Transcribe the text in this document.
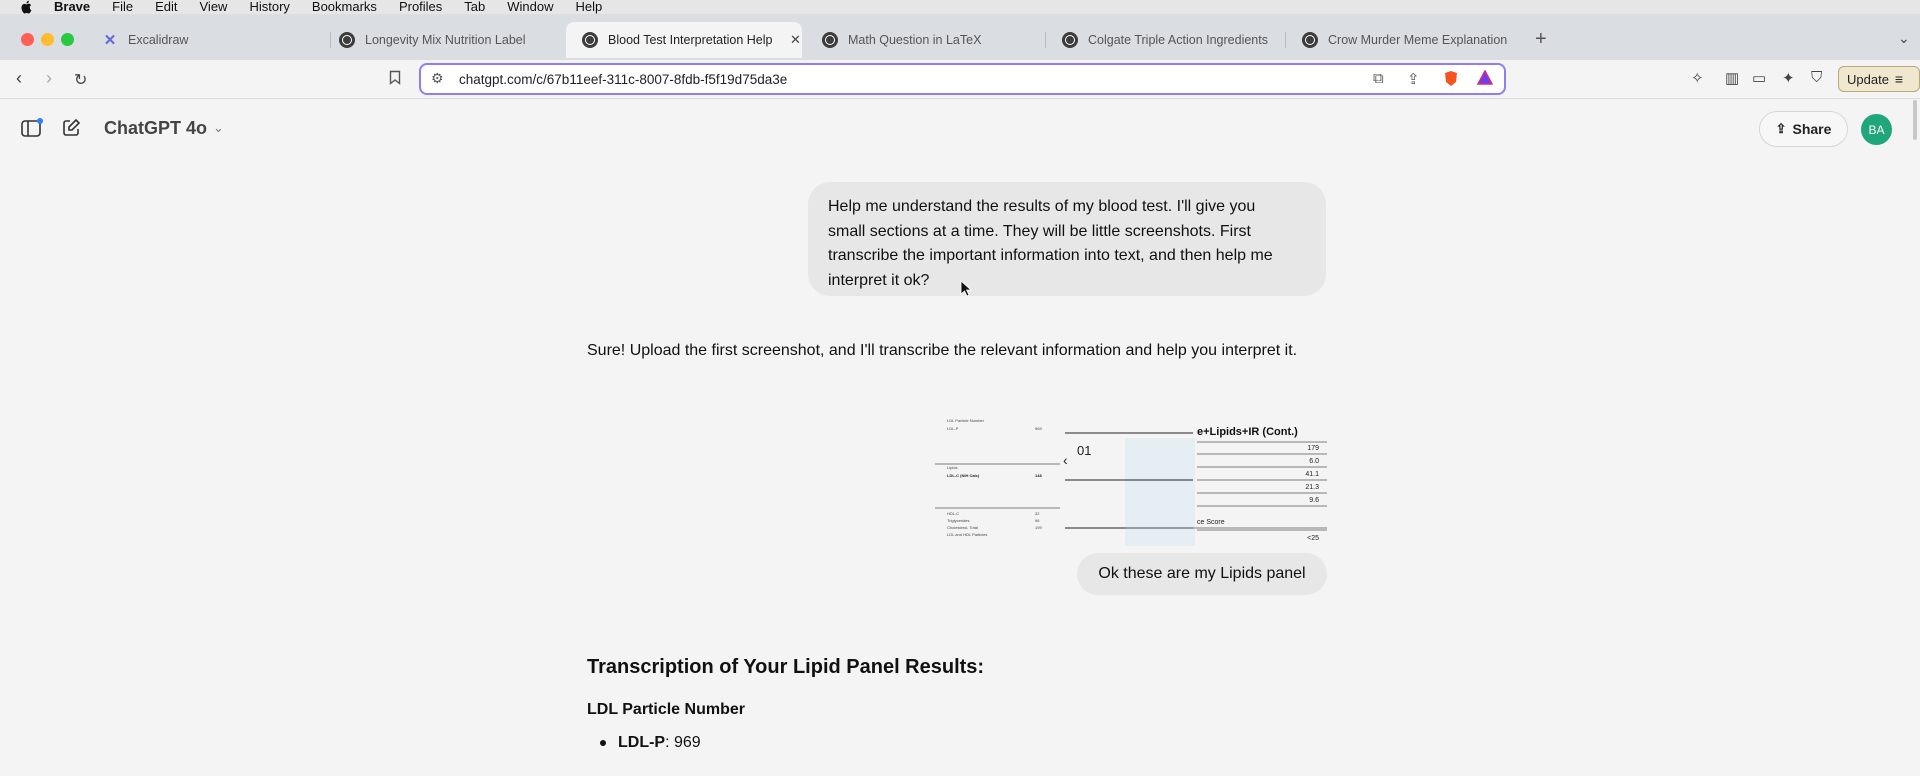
Brave File Edit View History Bookmarks Profiles Tab Window Help
✕ Excalidraw	Longevity Mix Nutrition Label	Blood Test Interpretation Help	✕	Math Question in LaTeX	Colgate Triple Action Ingredients	Crow Murder Meme Explanation +	⌄
‹ › ↻	⚙ chatgpt.com/c/67b11eef-311c-8007-8fdb-f5f19d75da3e	⧉ ⇪	✧ ▥ ▭ ✦ ⛉ Update ≡
ChatGPT 4o ⌄	⇪ Share	BA
Help me understand the results of my blood test. I'll give you
small sections at a time. They will be little screenshots. First
transcribe the important information into text, and then help me
interpret it ok?
Sure! Upload the first screenshot, and I'll transcribe the relevant information and help you interpret it.
LDL Particle Number
LDL-P	969
Lipids
LDL-C (NIH Calc)	148
HDL-C	32
Triglycerides	96
Cholesterol, Total	199
LDL and HDL Particles
‹
01
e+Lipids+IR (Cont.)
179
6.0
41.1
21.3
9.6
ce Score
<25
Ok these are my Lipids panel
Transcription of Your Lipid Panel Results:
LDL Particle Number
LDL-P : 969
